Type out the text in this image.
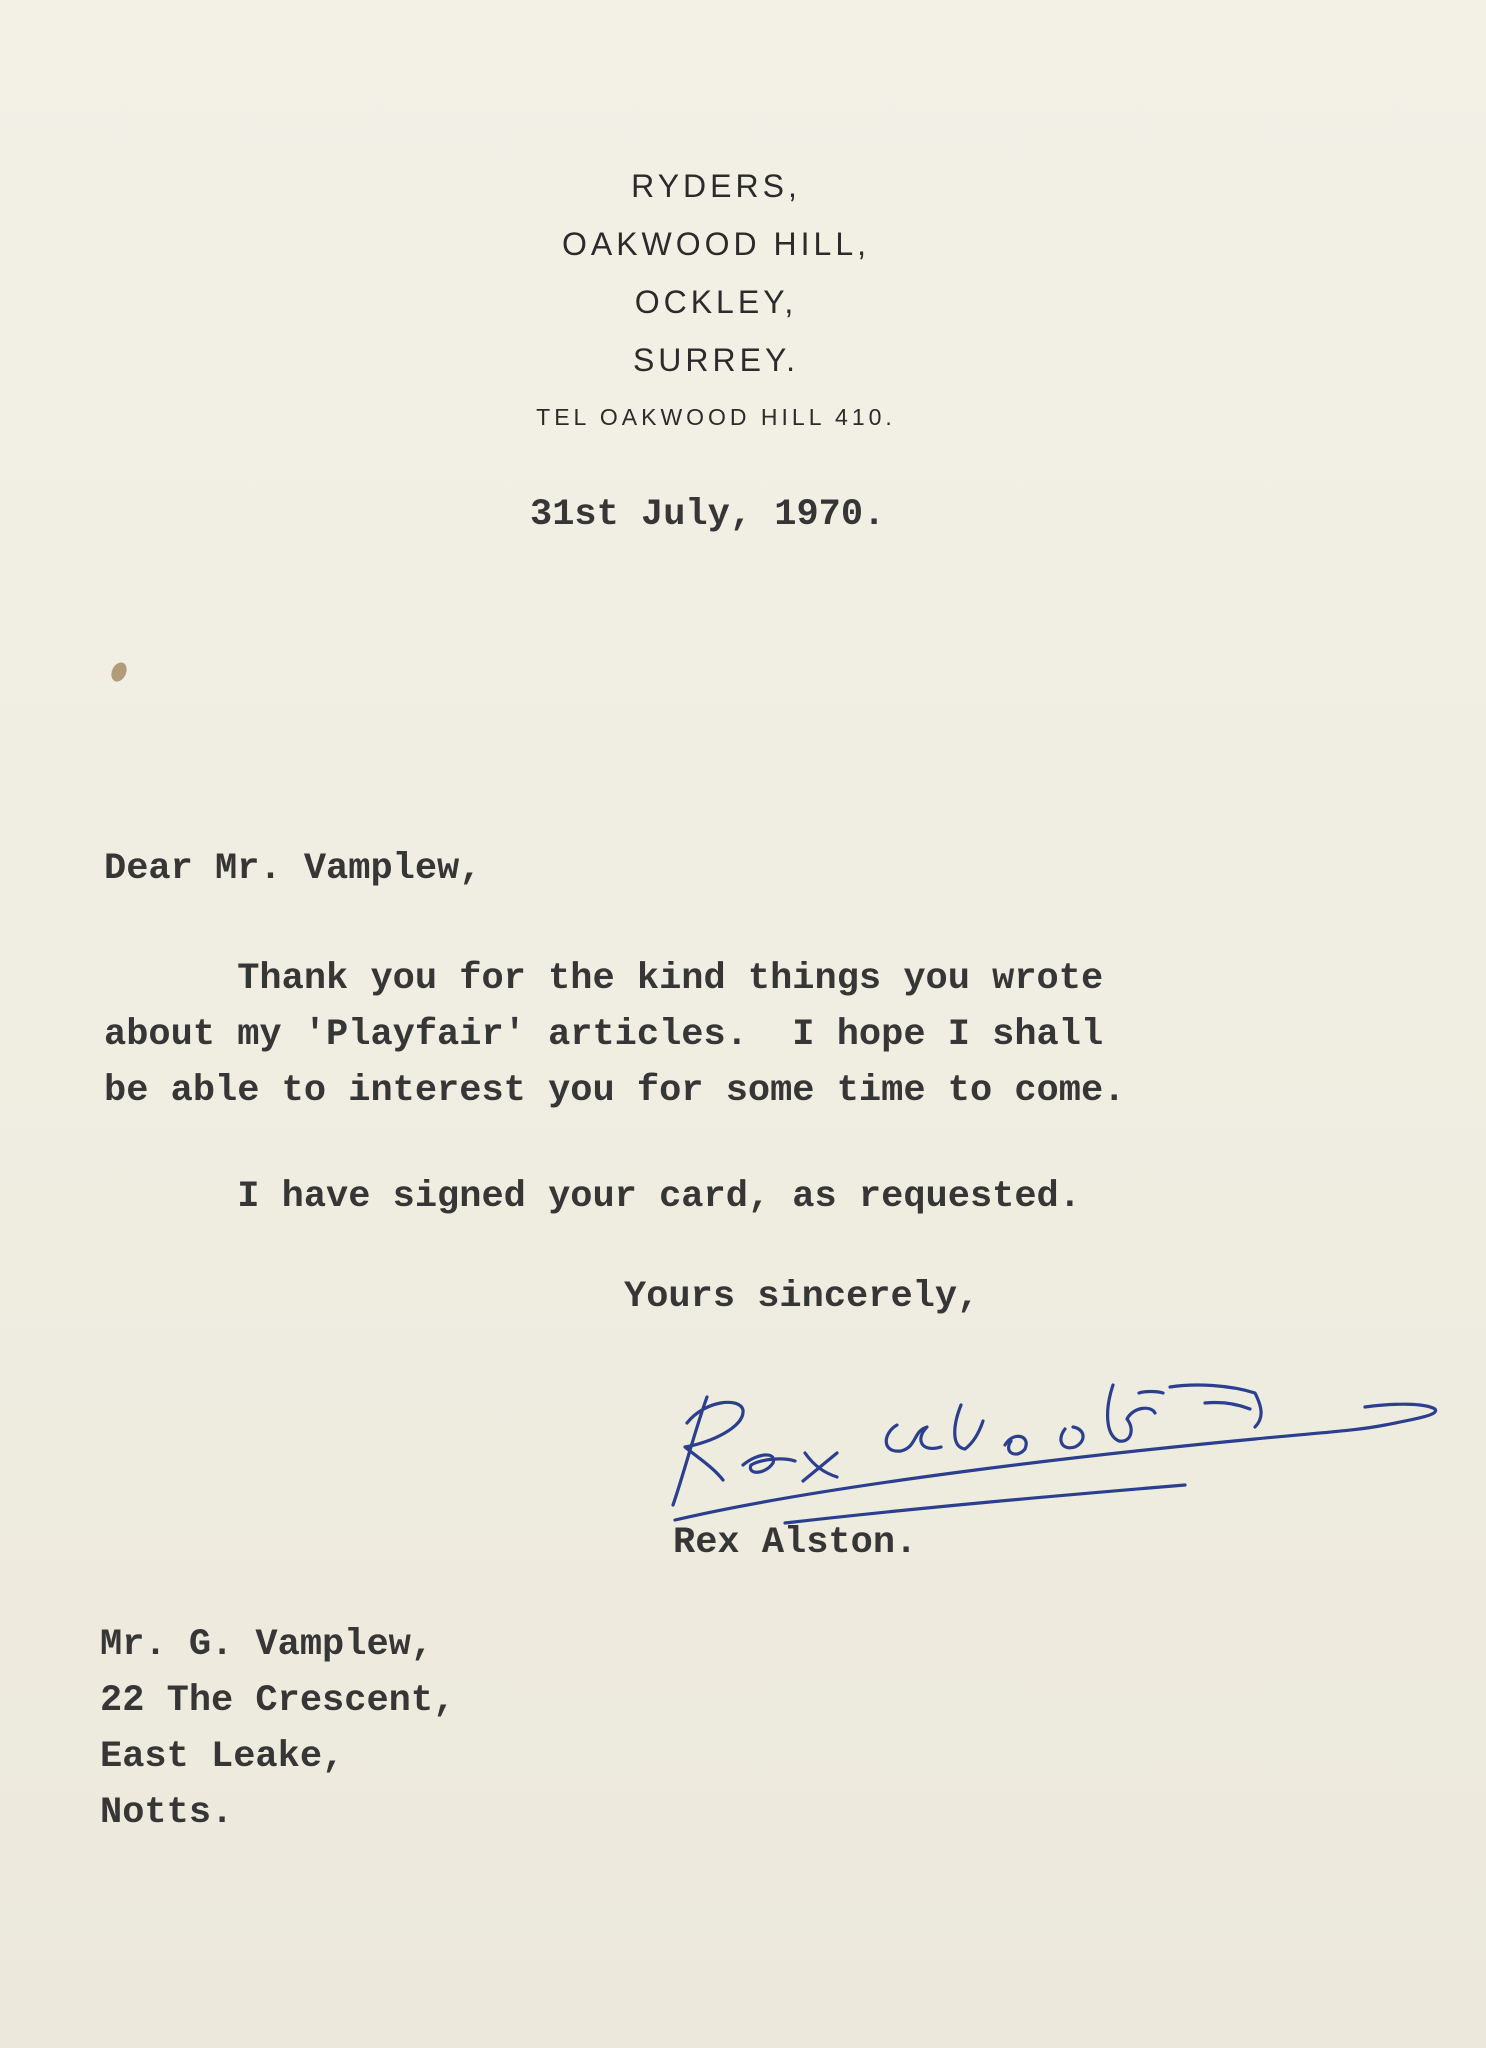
RYDERS,
OAKWOOD HILL,
OCKLEY,
SURREY.
TEL OAKWOOD HILL 410.
31st July, 1970.
Dear Mr. Vamplew,
Thank you for the kind things you wrote
about my 'Playfair' articles.  I hope I shall
be able to interest you for some time to come.
I have signed your card, as requested.
Yours sincerely,
Rex Alston.
Mr. G. Vamplew,
22 The Crescent,
East Leake,
Notts.
